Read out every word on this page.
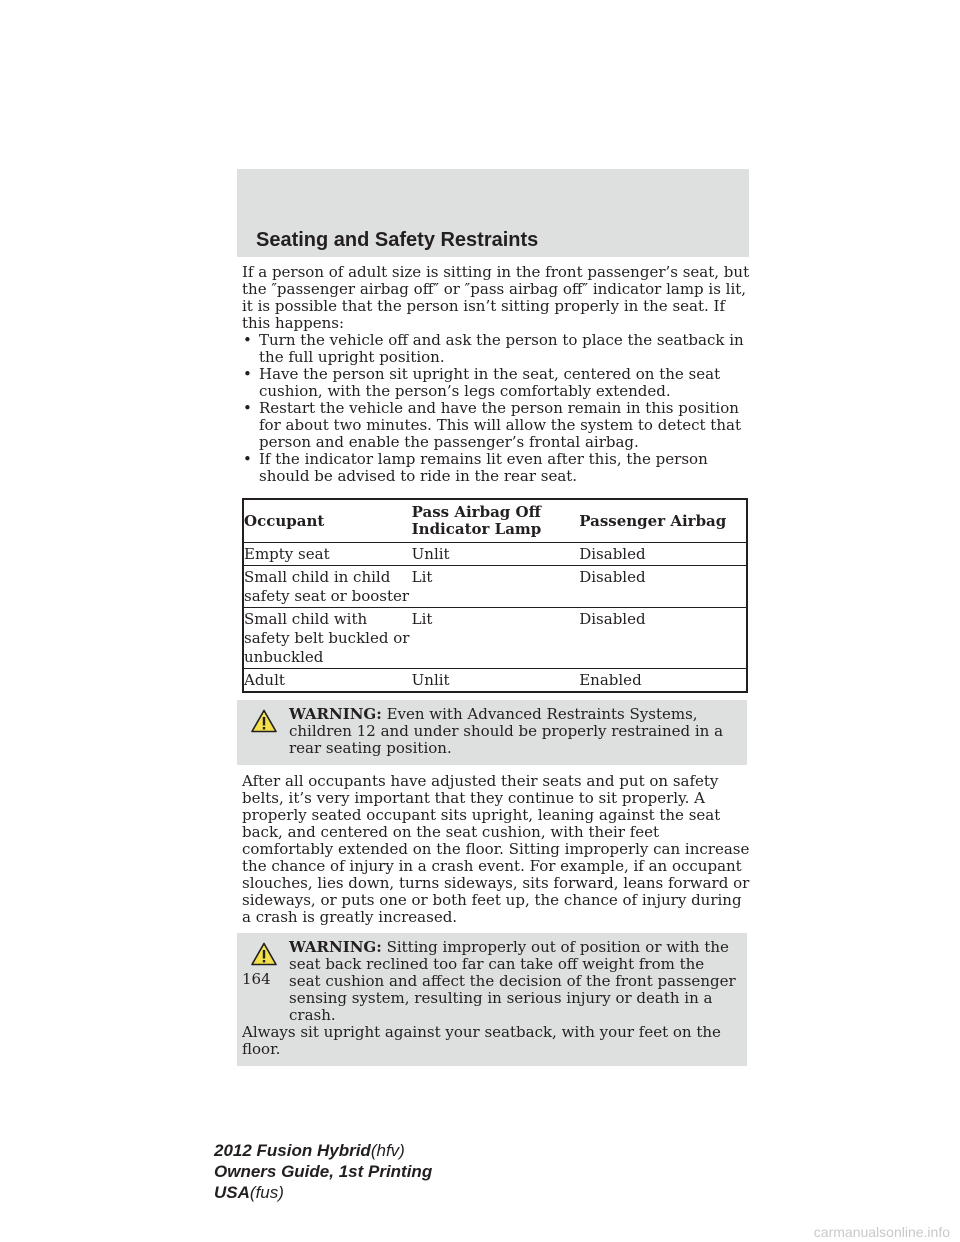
Seating and Safety Restraints

If a person of adult size is sitting in the front passenger’s seat, but the ″passenger airbag off″ or ″pass airbag off″ indicator lamp is lit, it is possible that the person isn’t sitting properly in the seat. If this happens:

• Turn the vehicle off and ask the person to place the seatback in the full upright position.
• Have the person sit upright in the seat, centered on the seat cushion, with the person’s legs comfortably extended.
• Restart the vehicle and have the person remain in this position for about two minutes. This will allow the system to detect that person and enable the passenger’s frontal airbag.
• If the indicator lamp remains lit even after this, the person should be advised to ride in the rear seat.
Occupant	Pass Airbag Off Indicator Lamp	Passenger Airbag
Empty seat	Unlit	Disabled
Small child in child safety seat or booster	Lit	Disabled
Small child with safety belt buckled or unbuckled	Lit	Disabled
Adult	Unlit	Enabled
WARNING: Even with Advanced Restraints Systems, children 12 and under should be properly restrained in a rear seating position.

After all occupants have adjusted their seats and put on safety belts, it’s very important that they continue to sit properly. A properly seated occupant sits upright, leaning against the seat back, and centered on the seat cushion, with their feet comfortably extended on the floor. Sitting improperly can increase the chance of injury in a crash event. For example, if an occupant slouches, lies down, turns sideways, sits forward, leans forward or sideways, or puts one or both feet up, the chance of injury during a crash is greatly increased.

WARNING: Sitting improperly out of position or with the seat back reclined too far can take off weight from the seat cushion and affect the decision of the front passenger sensing system, resulting in serious injury or death in a crash.
Always sit upright against your seatback, with your feet on the floor.

164

2012 Fusion Hybrid(hfv)
Owners Guide, 1st Printing
USA(fus)

carmanualsonline.info
